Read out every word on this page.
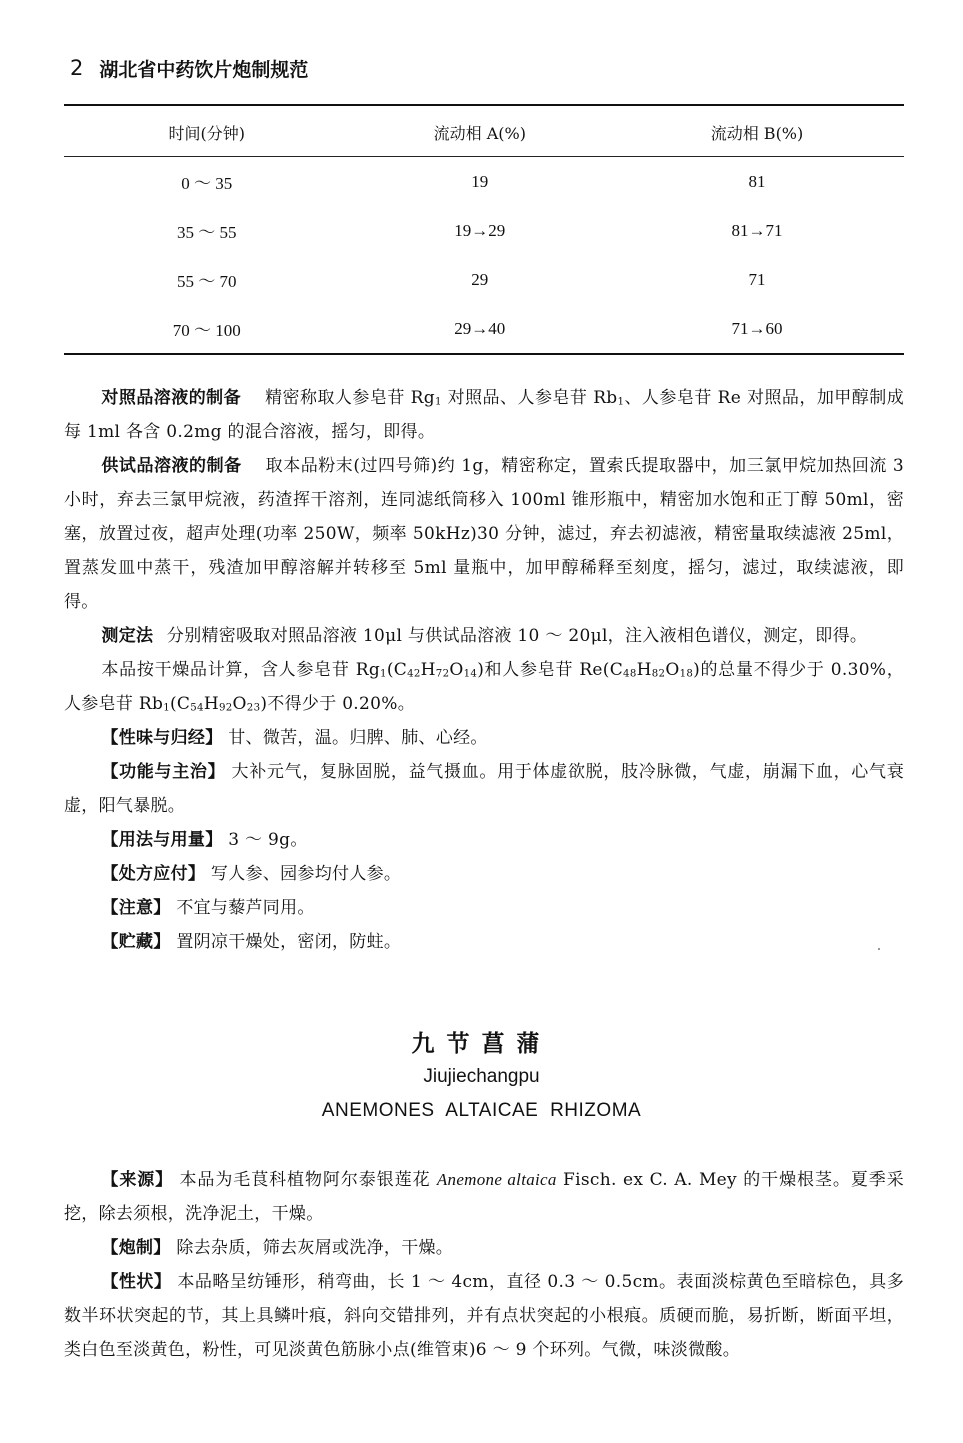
2 湖北省中药饮片炮制规范
时间(分钟)	流动相 A(%)	流动相 B(%)
0 ～ 35	19	81
35 ～ 55	19→29	81→71
55 ～ 70	29	71
70 ～ 100	29→40	71→60

对照品溶液的制备 精密称取人参皂苷 $Rg_1$ 对照品、人参皂苷 $Rb_1$、人参皂苷 Re 对照品，加甲醇制成每 1ml 各含 0.2mg 的混合溶液，摇匀，即得。

供试品溶液的制备 取本品粉末(过四号筛)约 1g，精密称定，置索氏提取器中，加三氯甲烷加热回流 3 小时，弃去三氯甲烷液，药渣挥干溶剂，连同滤纸筒移入 100ml 锥形瓶中，精密加水饱和正丁醇 50ml，密塞，放置过夜，超声处理(功率 250W，频率 50kHz)30 分钟，滤过，弃去初滤液，精密量取续滤液 25ml，置蒸发皿中蒸干，残渣加甲醇溶解并转移至 5ml 量瓶中，加甲醇稀释至刻度，摇匀，滤过，取续滤液，即得。

测定法 分别精密吸取对照品溶液 10μl 与供试品溶液 10 ～ 20μl，注入液相色谱仪，测定，即得。

本品按干燥品计算，含人参皂苷 $Rg_1(C_{42}H_{72}O_{14})$和人参皂苷 $Re(C_{48}H_{82}O_{18})$的总量不得少于 0.30%，人参皂苷 $Rb_1(C_{54}H_{92}O_{23})$不得少于 0.20%。

【性味与归经】 甘、微苦，温。归脾、肺、心经。

【功能与主治】 大补元气，复脉固脱，益气摄血。用于体虚欲脱，肢冷脉微，气虚，崩漏下血，心气衰虚，阳气暴脱。

【用法与用量】 3 ～ 9g。

【处方应付】 写人参、园参均付人参。

【注意】 不宜与藜芦同用。

【贮藏】 置阴凉干燥处，密闭，防蛀。

九节菖蒲
Jiujiechangpu
ANEMONES ALTAICAE RHIZOMA

【来源】 本品为毛茛科植物阿尔泰银莲花 Anemone altaica Fisch. ex C. A. Mey 的干燥根茎。夏季采挖，除去须根，洗净泥土，干燥。

【炮制】 除去杂质，筛去灰屑或洗净，干燥。

【性状】 本品略呈纺锤形，稍弯曲，长 1 ～ 4cm，直径 0.3 ～ 0.5cm。表面淡棕黄色至暗棕色，具多数半环状突起的节，其上具鳞叶痕，斜向交错排列，并有点状突起的小根痕。质硬而脆，易折断，断面平坦，类白色至淡黄色，粉性，可见淡黄色筋脉小点(维管束)6 ～ 9 个环列。气微，味淡微酸。
